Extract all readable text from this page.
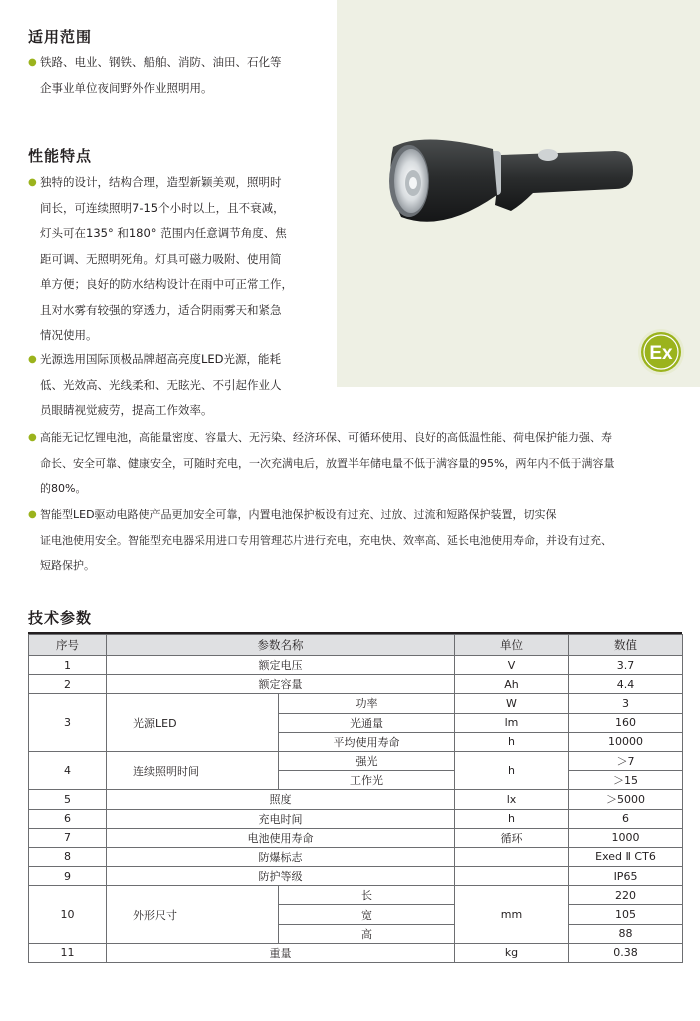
Ex
适用范围
● 铁路、电业、钢铁、船舶、消防、油田、石化等
企事业单位夜间野外作业照明用。
性能特点
● 独特的设计，结构合理，造型新颖美观，照明时
间长，可连续照明7-15个小时以上，且不衰减，
灯头可在135° 和180° 范围内任意调节角度、焦
距可调、无照明死角。灯具可磁力吸附、使用简
单方便；良好的防水结构设计在雨中可正常工作，
且对水雾有较强的穿透力，适合阴雨雾天和紧急
情况使用。
● 光源选用国际顶极品牌超高亮度LED光源，能耗
低、光效高、光线柔和、无眩光、不引起作业人
员眼睛视觉疲劳，提高工作效率。
● 高能无记忆锂电池，高能量密度、容量大、无污染、经济环保、可循环使用、良好的高低温性能、荷电保护能力强、寿
命长、安全可靠、健康安全，可随时充电，一次充满电后，放置半年储电量不低于满容量的95%，两年内不低于满容量
的80%。
● 智能型LED驱动电路使产品更加安全可靠，内置电池保护板设有过充、过放、过流和短路保护装置，切实保
证电池使用安全。智能型充电器采用进口专用管理芯片进行充电，充电快、效率高、延长电池使用寿命，并设有过充、
短路保护。
技术参数
序号	参数名称		单位	数值
1	额定电压		V	3.7
2	额定容量		Ah	4.4
3	光源LED	功率	W	3
		光通量	lm	160
		平均使用寿命	h	10000
4	连续照明时间	强光	h	＞7
		工作光		＞15
5	照度		lx	＞5000
6	充电时间		h	6
7	电池使用寿命		循环	1000
8	防爆标志			Exed Ⅱ CT6
9	防护等级			IP65
10	外形尺寸	长	mm	220
		宽		105
		高		88
11	重量		kg	0.38
